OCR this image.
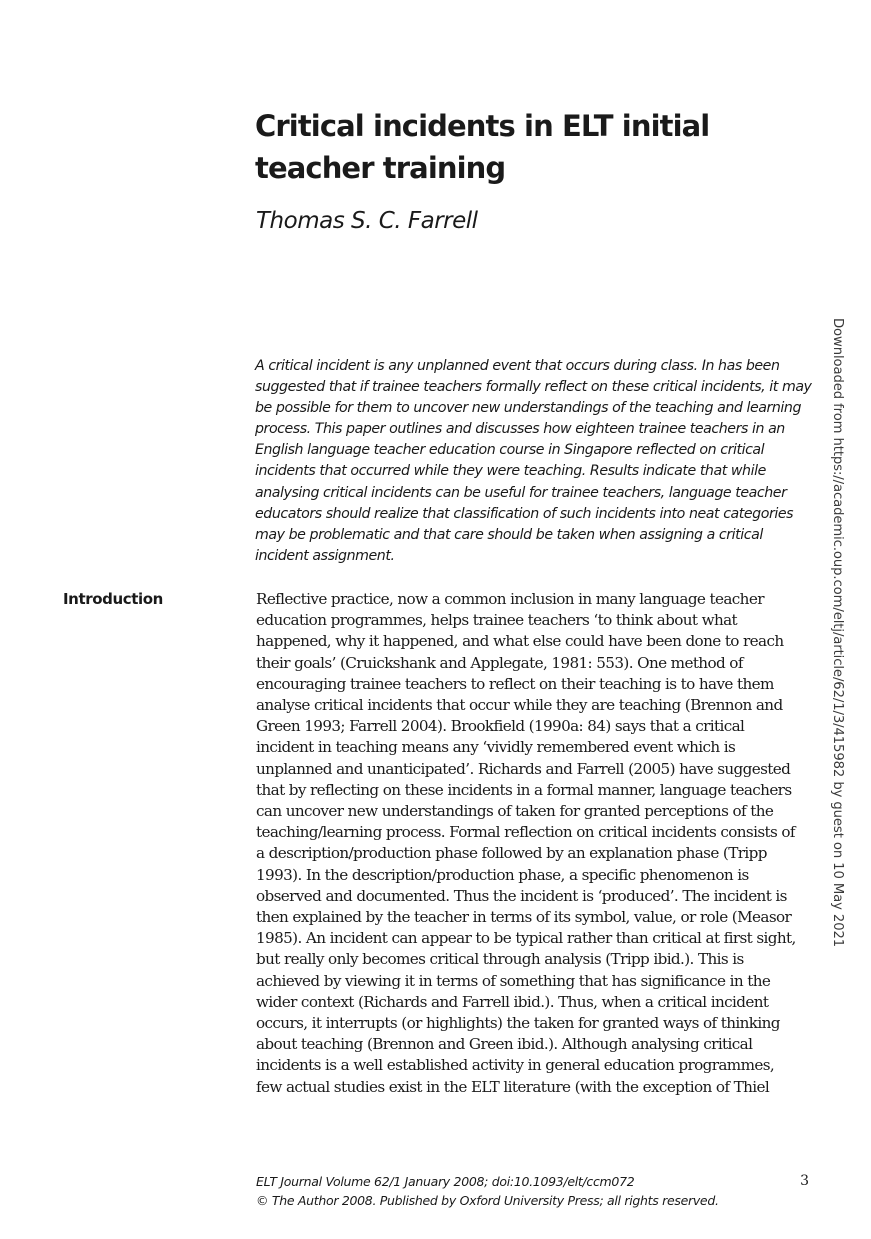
Critical incidents in ELT initial
teacher training
Thomas S. C. Farrell
A critical incident is any unplanned event that occurs during class. In has been
suggested that if trainee teachers formally reflect on these critical incidents, it may
be possible for them to uncover new understandings of the teaching and learning
process. This paper outlines and discusses how eighteen trainee teachers in an
English language teacher education course in Singapore reflected on critical
incidents that occurred while they were teaching. Results indicate that while
analysing critical incidents can be useful for trainee teachers, language teacher
educators should realize that classification of such incidents into neat categories
may be problematic and that care should be taken when assigning a critical
incident assignment.
Introduction	Reflective practice, now a common inclusion in many language teacher
education programmes, helps trainee teachers ‘to think about what
happened, why it happened, and what else could have been done to reach
their goals’ (Cruickshank and Applegate, 1981: 553). One method of
encouraging trainee teachers to reflect on their teaching is to have them
analyse critical incidents that occur while they are teaching (Brennon and
Green 1993; Farrell 2004). Brookfield (1990a: 84) says that a critical
incident in teaching means any ‘vividly remembered event which is
unplanned and unanticipated’. Richards and Farrell (2005) have suggested
that by reflecting on these incidents in a formal manner, language teachers
can uncover new understandings of taken for granted perceptions of the
teaching/learning process. Formal reflection on critical incidents consists of
a description/production phase followed by an explanation phase (Tripp
1993). In the description/production phase, a specific phenomenon is
observed and documented. Thus the incident is ‘produced’. The incident is
then explained by the teacher in terms of its symbol, value, or role (Measor
1985). An incident can appear to be typical rather than critical at first sight,
but really only becomes critical through analysis (Tripp ibid.). This is
achieved by viewing it in terms of something that has significance in the
wider context (Richards and Farrell ibid.). Thus, when a critical incident
occurs, it interrupts (or highlights) the taken for granted ways of thinking
about teaching (Brennon and Green ibid.). Although analysing critical
incidents is a well established activity in general education programmes,
few actual studies exist in the ELT literature (with the exception of Thiel
ELT Journal Volume 62/1 January 2008; doi:10.1093/elt/ccm072
© The Author 2008. Published by Oxford University Press; all rights reserved.
3
Downloaded from https://academic.oup.com/eltj/article/62/1/3/415982 by guest on 10 May 2021
